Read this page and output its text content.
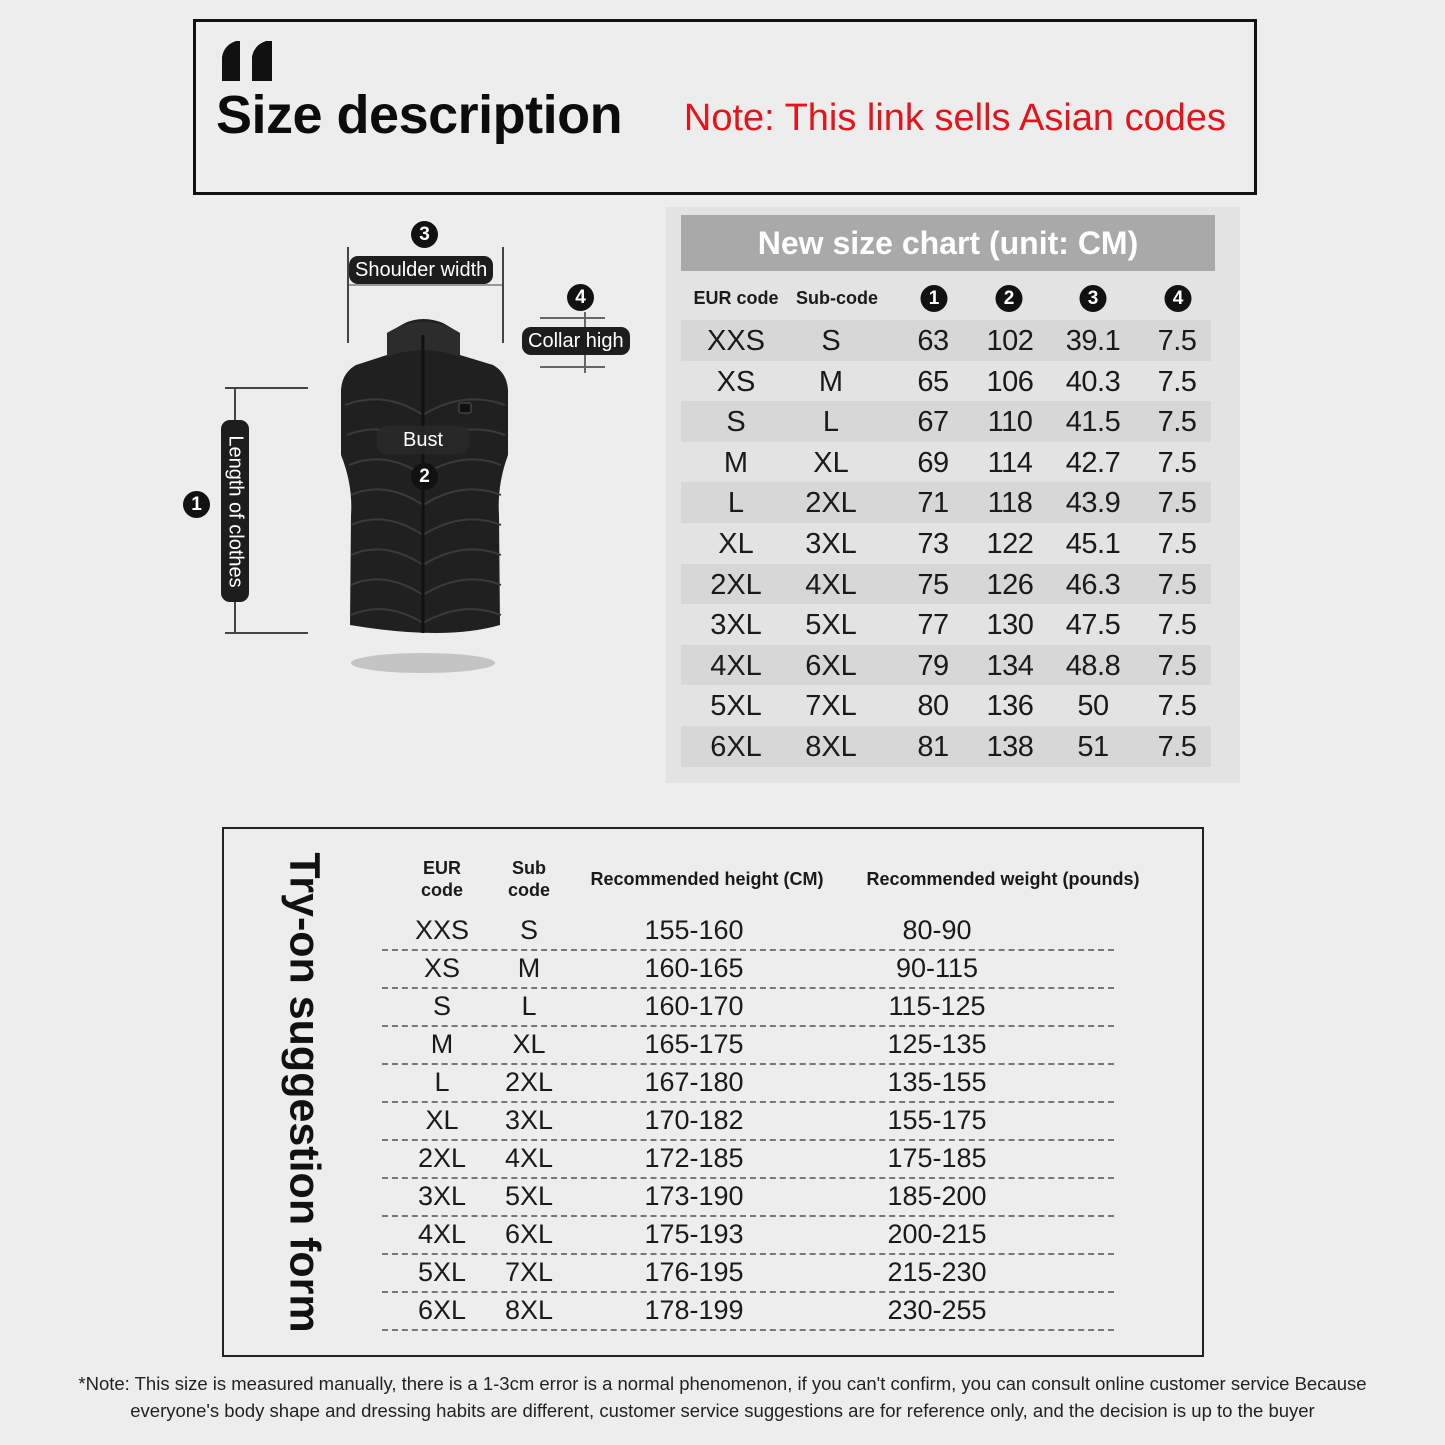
Size description Note: This link sells Asian codes
1
2
3
4
Shoulder width
Collar high
Bust
Length of clothes
New size chart (unit: CM)
EUR code Sub-code	1	2	3	4
XXS S	63 102 39.1 7.5
XS M	65 106 40.3 7.5
S	L	67 110 41.5 7.5
M XL 69 114 42.7 7.5
L 2XL 71 118 43.9 7.5
XL 3XL 73 122 45.1 7.5
2XL 4XL 75 126 46.3 7.5
3XL 5XL 77 130 47.5 7.5
4XL 6XL 79 134 48.8 7.5
5XL 7XL 80 136 50 7.5
6XL 8XL 81 138 51 7.5
Try-on suggestion form	EUR code
Sub code
Recommended height (CM) Recommended weight (pounds)
XXS S	155-160	80-90
XS M	160-165	90-115
S	L	160-170	115-125
M XL	165-175	125-135
L 2XL	167-180	135-155
XL 3XL	170-182	155-175
2XL 4XL	172-185	175-185
3XL 5XL	173-190	185-200
4XL 6XL	175-193	200-215
5XL 7XL	176-195	215-230
6XL 8XL	178-199	230-255
*Note: This size is measured manually, there is a 1-3cm error is a normal phenomenon, if you can't confirm, you can consult online customer service Because
everyone's body shape and dressing habits are different, customer service suggestions are for reference only, and the decision is up to the buyer
